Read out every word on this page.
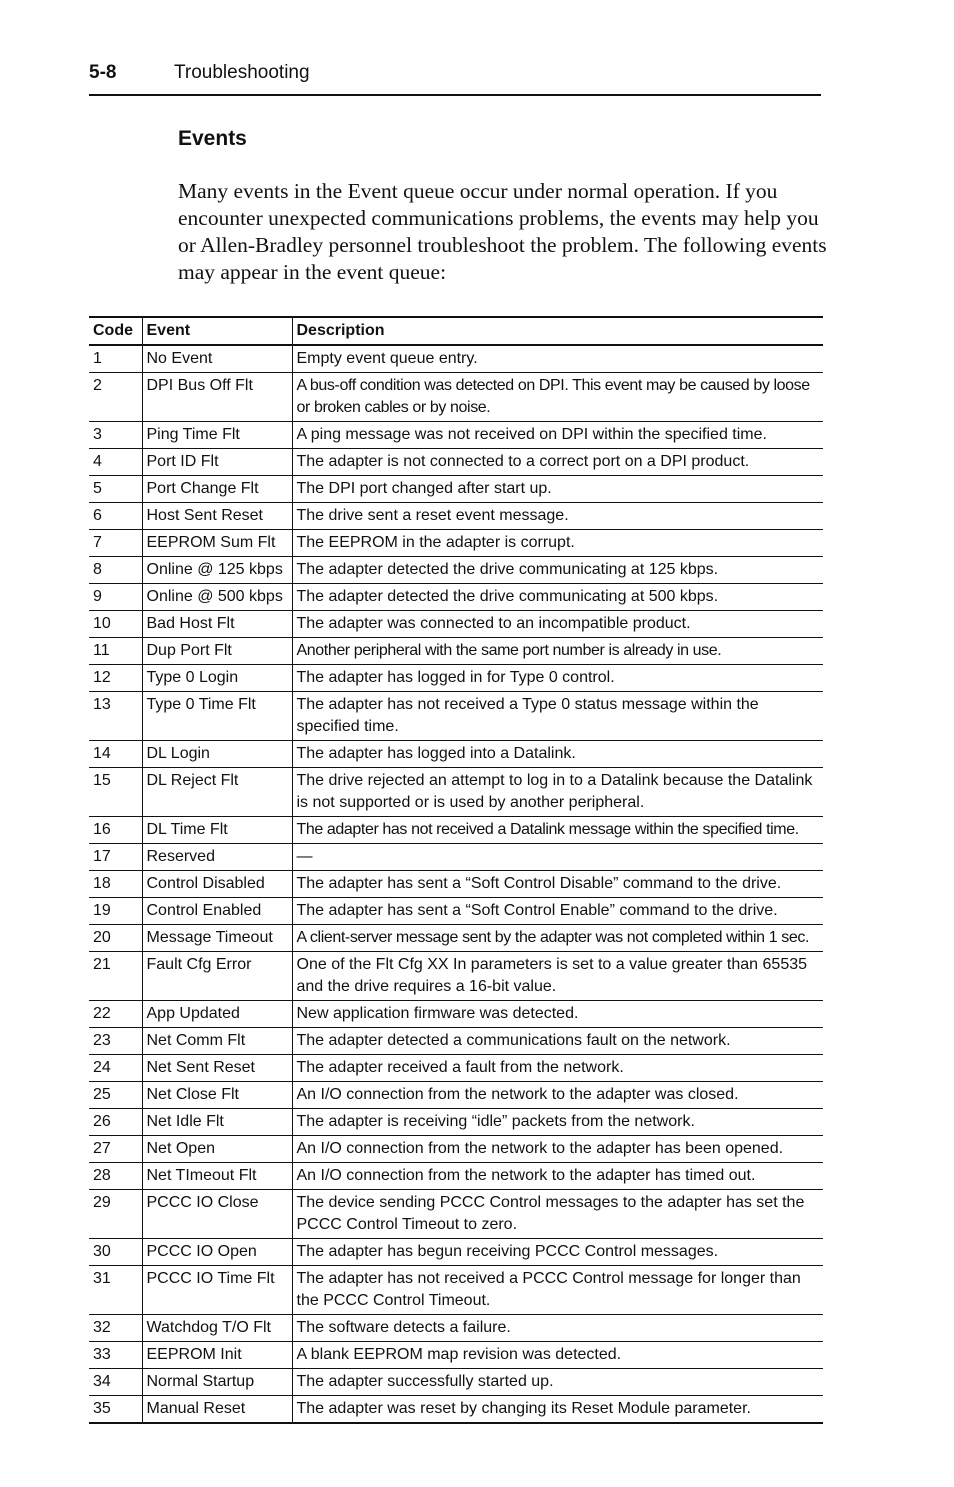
5-8	Troubleshooting
Events

Many events in the Event queue occur under normal operation. If you encounter unexpected communications problems, the events may help you or Allen-Bradley personnel troubleshoot the problem. The following events may appear in the event queue:

Code	Event	Description
1	No Event	Empty event queue entry.
2	DPI Bus Off Flt	A bus-off condition was detected on DPI. This event may be caused by loose or broken cables or by noise.
3	Ping Time Flt	A ping message was not received on DPI within the specified time.
4	Port ID Flt	The adapter is not connected to a correct port on a DPI product.
5	Port Change Flt	The DPI port changed after start up.
6	Host Sent Reset	The drive sent a reset event message.
7	EEPROM Sum Flt	The EEPROM in the adapter is corrupt.
8	Online @ 125 kbps	The adapter detected the drive communicating at 125 kbps.
9	Online @ 500 kbps	The adapter detected the drive communicating at 500 kbps.
10	Bad Host Flt	The adapter was connected to an incompatible product.
11	Dup Port Flt	Another peripheral with the same port number is already in use.
12	Type 0 Login	The adapter has logged in for Type 0 control.
13	Type 0 Time Flt	The adapter has not received a Type 0 status message within the specified time.
14	DL Login	The adapter has logged into a Datalink.
15	DL Reject Flt	The drive rejected an attempt to log in to a Datalink because the Datalink is not supported or is used by another peripheral.
16	DL Time Flt	The adapter has not received a Datalink message within the specified time.
17	Reserved	—
18	Control Disabled	The adapter has sent a “Soft Control Disable” command to the drive.
19	Control Enabled	The adapter has sent a “Soft Control Enable” command to the drive.
20	Message Timeout	A client-server message sent by the adapter was not completed within 1 sec.
21	Fault Cfg Error	One of the Flt Cfg XX In parameters is set to a value greater than 65535 and the drive requires a 16-bit value.
22	App Updated	New application firmware was detected.
23	Net Comm Flt	The adapter detected a communications fault on the network.
24	Net Sent Reset	The adapter received a fault from the network.
25	Net Close Flt	An I/O connection from the network to the adapter was closed.
26	Net Idle Flt	The adapter is receiving “idle” packets from the network.
27	Net Open	An I/O connection from the network to the adapter has been opened.
28	Net TImeout Flt	An I/O connection from the network to the adapter has timed out.
29	PCCC IO Close	The device sending PCCC Control messages to the adapter has set the PCCC Control Timeout to zero.
30	PCCC IO Open	The adapter has begun receiving PCCC Control messages.
31	PCCC IO Time Flt	The adapter has not received a PCCC Control message for longer than the PCCC Control Timeout.
32	Watchdog T/O Flt	The software detects a failure.
33	EEPROM Init	A blank EEPROM map revision was detected.
34	Normal Startup	The adapter successfully started up.
35	Manual Reset	The adapter was reset by changing its Reset Module parameter.
